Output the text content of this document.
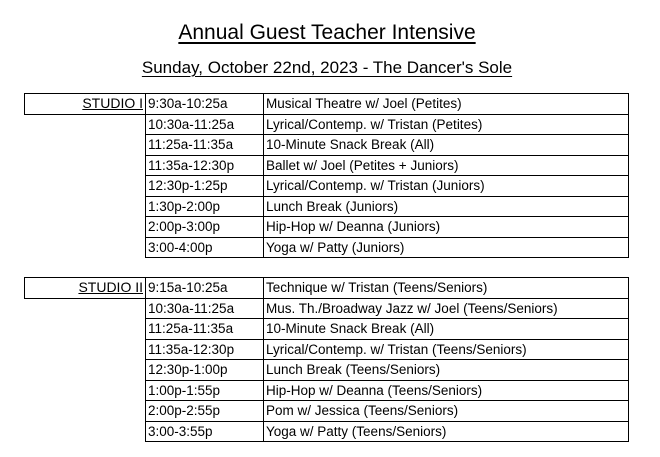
Annual Guest Teacher Intensive
Sunday, October 22nd, 2023 - The Dancer's Sole
STUDIO I	9:30a-10:25a	Musical Theatre w/ Joel (Petites)
	10:30a-11:25a	Lyrical/Contemp. w/ Tristan (Petites)
	11:25a-11:35a	10-Minute Snack Break (All)
	11:35a-12:30p	Ballet w/ Joel (Petites + Juniors)
	12:30p-1:25p	Lyrical/Contemp. w/ Tristan (Juniors)
	1:30p-2:00p	Lunch Break (Juniors)
	2:00p-3:00p	Hip-Hop w/ Deanna (Juniors)
	3:00-4:00p	Yoga w/ Patty (Juniors)
STUDIO II	9:15a-10:25a	Technique w/ Tristan (Teens/Seniors)
	10:30a-11:25a	Mus. Th./Broadway Jazz w/ Joel (Teens/Seniors)
	11:25a-11:35a	10-Minute Snack Break (All)
	11:35a-12:30p	Lyrical/Contemp. w/ Tristan (Teens/Seniors)
	12:30p-1:00p	Lunch Break (Teens/Seniors)
	1:00p-1:55p	Hip-Hop w/ Deanna (Teens/Seniors)
	2:00p-2:55p	Pom w/ Jessica (Teens/Seniors)
	3:00-3:55p	Yoga w/ Patty (Teens/Seniors)
